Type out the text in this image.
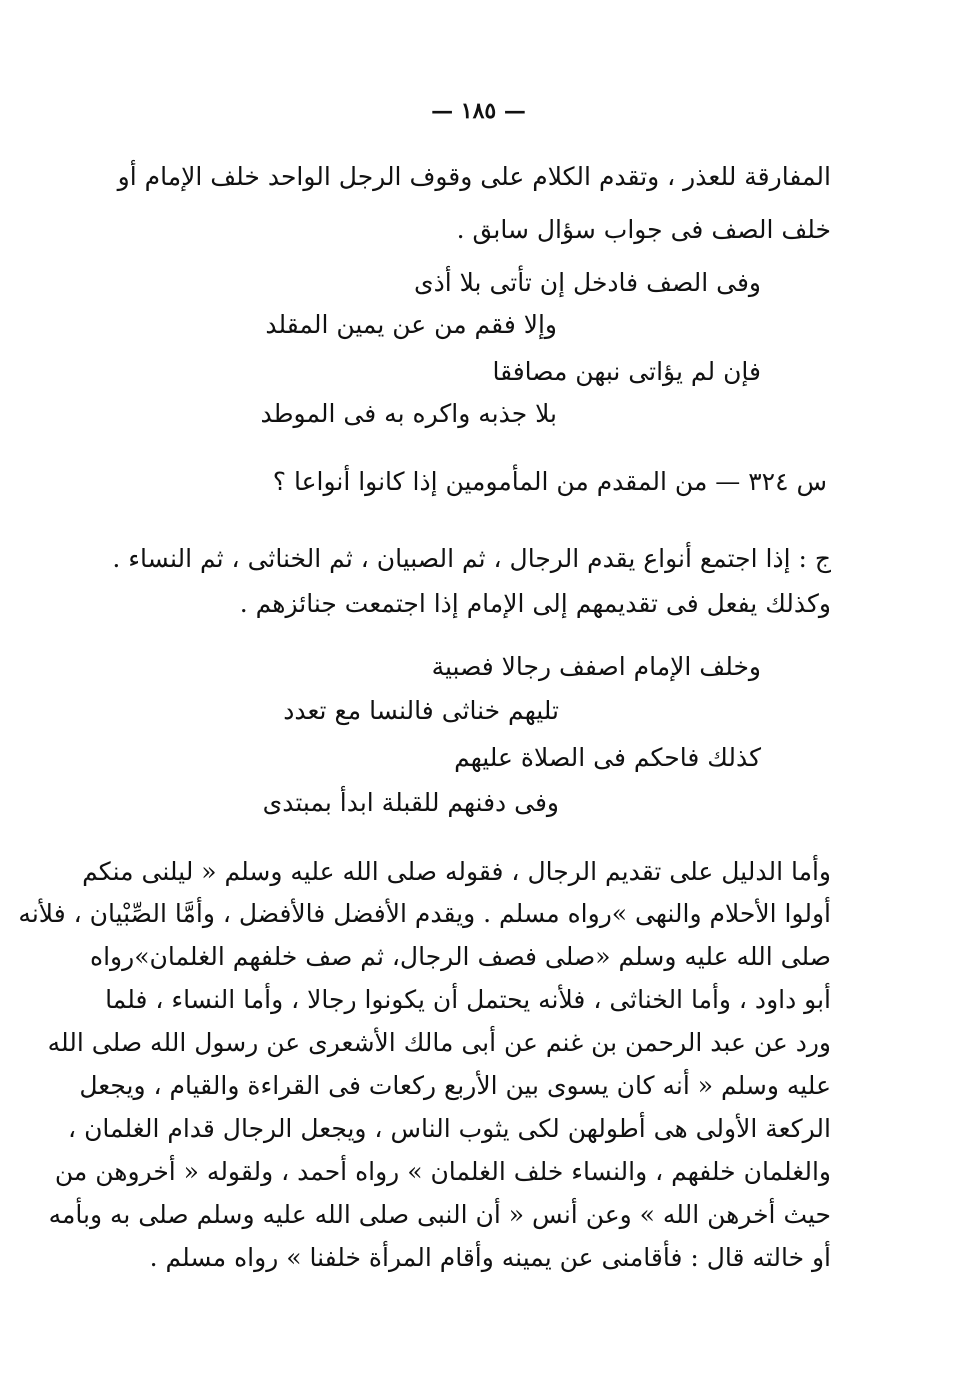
— ١٨٥ —
المفارقة للعذر ، وتقدم الكلام على وقوف الرجل الواحد خلف الإمام أو
خلف الصف فى جواب سؤال سابق .
وفى الصف فادخل إن تأتى بلا أذى
وإلا فقم من عن يمين المقلد
فإن لم يؤاتى نبهن مصافقا
بلا جذبه واكره به فى الموطد
س ٣٢٤ — من المقدم من المأمومين إذا كانوا أنواعا ؟
ج : إذا اجتمع أنواع يقدم الرجال ، ثم الصبيان ، ثم الخناثى ، ثم النساء .
وكذلك يفعل فى تقديمهم إلى الإمام إذا اجتمعت جنائزهم .
وخلف الإمام اصفف رجالا فصبية
تليهم خناثى فالنسا مع تعدد
كذلك فاحكم فى الصلاة عليهم
وفى دفنهم للقبلة ابدأ بمبتدى
وأما الدليل على تقديم الرجال ، فقوله صلى الله عليه وسلم « ليلنى منكم
أولوا الأحلام والنهى »رواه مسلم . ويقدم الأفضل فالأفضل ، وأمَّا الصِّبْيان ، فلأنه
صلى الله عليه وسلم «صلى فصف الرجال، ثم صف خلفهم الغلمان»رواه
أبو داود ، وأما الخناثى ، فلأنه يحتمل أن يكونوا رجالا ، وأما النساء ، فلما
ورد عن عبد الرحمن بن غنم عن أبى مالك الأشعرى عن رسول الله صلى الله
عليه وسلم « أنه كان يسوى بين الأربع ركعات فى القراءة والقيام ، ويجعل
الركعة الأولى هى أطولهن لكى يثوب الناس ، ويجعل الرجال قدام الغلمان ،
والغلمان خلفهم ، والنساء خلف الغلمان » رواه أحمد ، ولقوله « أخروهن من
حيث أخرهن الله » وعن أنس « أن النبى صلى الله عليه وسلم صلى به وبأمه
أو خالته قال : فأقامنى عن يمينه وأقام المرأة خلفنا » رواه مسلم .
